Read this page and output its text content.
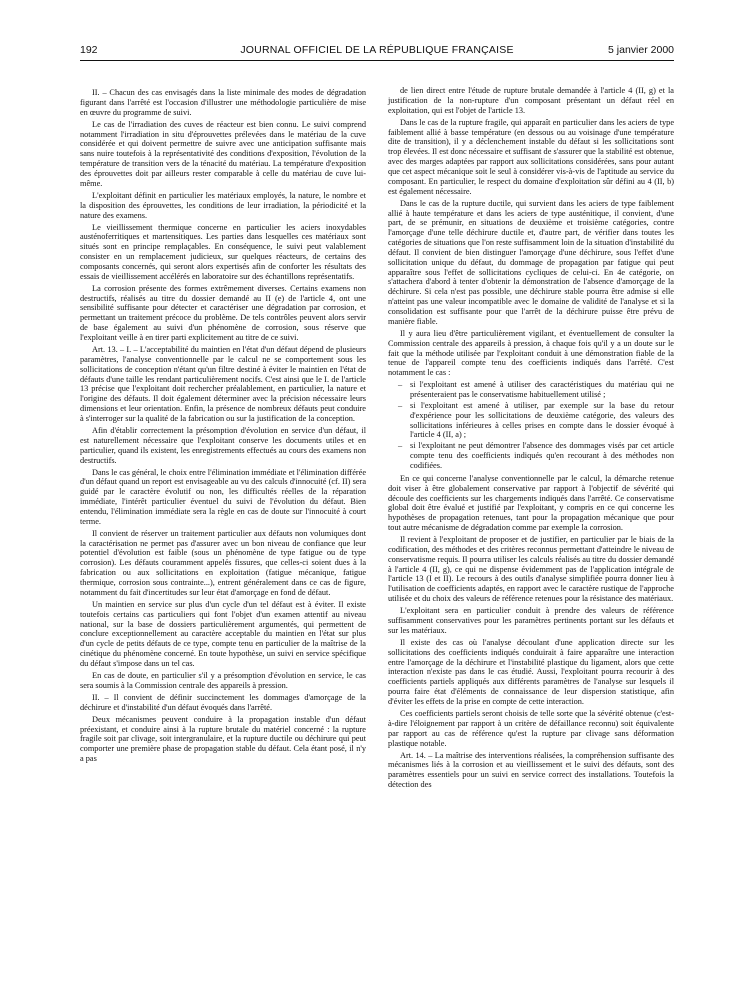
192	JOURNAL OFFICIEL DE LA RÉPUBLIQUE FRANÇAISE	5 janvier 2000

II. – Chacun des cas envisagés dans la liste minimale des modes de dégradation figurant dans l'arrêté est l'occasion d'illustrer une méthodologie particulière de mise en œuvre du programme de suivi.

Le cas de l'irradiation des cuves de réacteur est bien connu. Le suivi comprend notamment l'irradiation in situ d'éprouvettes prélevées dans le matériau de la cuve considérée et qui doivent permettre de suivre avec une anticipation suffisante mais sans nuire toutefois à la représentativité des conditions d'exposition, l'évolution de la température de transition vers de la ténacité du matériau. La température d'exposition des éprouvettes doit par ailleurs rester comparable à celle du matériau de cuve lui-même.

L'exploitant définit en particulier les matériaux employés, la nature, le nombre et la disposition des éprouvettes, les conditions de leur irradiation, la périodicité et la nature des examens.

Le vieillissement thermique concerne en particulier les aciers inoxydables austénoferritiques et martensitiques. Les parties dans lesquelles ces matériaux sont situés sont en principe remplaçables. En conséquence, le suivi peut valablement consister en un remplacement judicieux, sur quelques réacteurs, de certains des composants concernés, qui seront alors expertisés afin de conforter les résultats des essais de vieillissement accélérés en laboratoire sur des échantillons représentatifs.

La corrosion présente des formes extrêmement diverses. Certains examens non destructifs, réalisés au titre du dossier demandé au II (e) de l'article 4, ont une sensibilité suffisante pour détecter et caractériser une dégradation par corrosion, et permettant un traitement précoce du problème. De tels contrôles peuvent alors servir de base également au suivi d'un phénomène de corrosion, sous réserve que l'exploitant veille à en tirer parti explicitement au titre de ce suivi.

Art. 13. – I. – L'acceptabilité du maintien en l'état d'un défaut dépend de plusieurs paramètres, l'analyse conventionnelle par le calcul ne se comportement sous les sollicitations de conception n'étant qu'un filtre destiné à éviter le maintien en l'état de défauts d'une taille les rendant particulièrement nocifs. C'est ainsi que le I. de l'article 13 précise que l'exploitant doit rechercher préalablement, en particulier, la nature et l'origine des défauts. Il doit également déterminer avec la précision nécessaire leurs dimensions et leur orientation. Enfin, la présence de nombreux défauts peut conduire à s'interroger sur la qualité de la fabrication ou sur la justification de la conception.

Afin d'établir correctement la présomption d'évolution en service d'un défaut, il est naturellement nécessaire que l'exploitant conserve les documents utiles et en particulier, quand ils existent, les enregistrements effectués au cours des examens non destructifs.

Dans le cas général, le choix entre l'élimination immédiate et l'élimination différée d'un défaut quand un report est envisageable au vu des calculs d'innocuité (cf. II) sera guidé par le caractère évolutif ou non, les difficultés réelles de la réparation immédiate, l'intérêt particulier éventuel du suivi de l'évolution du défaut. Bien entendu, l'élimination immédiate sera la règle en cas de doute sur l'innocuité à court terme.

Il convient de réserver un traitement particulier aux défauts non volumiques dont la caractérisation ne permet pas d'assurer avec un bon niveau de confiance que leur potentiel d'évolution est faible (sous un phénomène de type fatigue ou de type corrosion). Les défauts couramment appelés fissures, que celles-ci soient dues à la fabrication ou aux sollicitations en exploitation (fatigue mécanique, fatigue thermique, corrosion sous contrainte...), entrent généralement dans ce cas de figure, notamment du fait d'incertitudes sur leur état d'amorçage en fond de défaut.

Un maintien en service sur plus d'un cycle d'un tel défaut est à éviter. Il existe toutefois certains cas particuliers qui font l'objet d'un examen attentif au niveau national, sur la base de dossiers particulièrement argumentés, qui permettent de conclure exceptionnellement au caractère acceptable du maintien en l'état sur plus d'un cycle de petits défauts de ce type, compte tenu en particulier de la maîtrise de la cinétique du phénomène concerné. En toute hypothèse, un suivi en service spécifique du défaut s'impose dans un tel cas.

En cas de doute, en particulier s'il y a présomption d'évolution en service, le cas sera soumis à la Commission centrale des appareils à pression.

II. – Il convient de définir succinctement les dommages d'amorçage de la déchirure et d'instabilité d'un défaut évoqués dans l'arrêté.

Deux mécanismes peuvent conduire à la propagation instable d'un défaut préexistant, et conduire ainsi à la rupture brutale du matériel concerné : la rupture fragile soit par clivage, soit intergranulaire, et la rupture ductile ou déchirure qui peut comporter une première phase de propagation stable du défaut. Cela étant posé, il n'y a pas

de lien direct entre l'étude de rupture brutale demandée à l'article 4 (II, g) et la justification de la non-rupture d'un composant présentant un défaut réel en exploitation, qui est l'objet de l'article 13.

Dans le cas de la rupture fragile, qui apparaît en particulier dans les aciers de type faiblement allié à basse température (en dessous ou au voisinage d'une température dite de transition), il y a déclenchement instable du défaut si les sollicitations sont trop élevées. Il est donc nécessaire et suffisant de s'assurer que la stabilité est obtenue, avec des marges adaptées par rapport aux sollicitations considérées, sans pour autant que cet aspect mécanique soit le seul à considérer vis-à-vis de l'aptitude au service du composant. En particulier, le respect du domaine d'exploitation sûr défini au 4 (II, b) est également nécessaire.

Dans le cas de la rupture ductile, qui survient dans les aciers de type faiblement allié à haute température et dans les aciers de type austénitique, il convient, d'une part, de se prémunir, en situations de deuxième et troisième catégories, contre l'amorçage d'une telle déchirure ductile et, d'autre part, de vérifier dans toutes les catégories de situations que l'on reste suffisamment loin de la situation d'instabilité du défaut. Il convient de bien distinguer l'amorçage d'une déchirure, sous l'effet d'une sollicitation unique du défaut, du dommage de propagation par fatigue qui peut apparaître sous l'effet de sollicitations cycliques de celui-ci. En 4e catégorie, on s'attachera d'abord à tenter d'obtenir la démonstration de l'absence d'amorçage de la déchirure. Si cela n'est pas possible, une déchirure stable pourra être admise si elle n'atteint pas une valeur incompatible avec le domaine de validité de l'analyse et si la consolidation est suffisante pour que l'arrêt de la déchirure puisse être prévu de manière fiable.

Il y aura lieu d'être particulièrement vigilant, et éventuellement de consulter la Commission centrale des appareils à pression, à chaque fois qu'il y a un doute sur le fait que la méthode utilisée par l'exploitant conduit à une démonstration fiable de la tenue de l'appareil compte tenu des coefficients indiqués dans l'arrêté. C'est notamment le cas :

– si l'exploitant est amené à utiliser des caractéristiques du matériau qui ne présenteraient pas le conservatisme habituellement utilisé ;
– si l'exploitant est amené à utiliser, par exemple sur la base du retour d'expérience pour les sollicitations de deuxième catégorie, des valeurs des sollicitations inférieures à celles prises en compte dans le dossier évoqué à l'article 4 (II, a) ;
– si l'exploitant ne peut démontrer l'absence des dommages visés par cet article compte tenu des coefficients indiqués qu'en recourant à des méthodes non codifiées.

En ce qui concerne l'analyse conventionnelle par le calcul, la démarche retenue doit viser à être globalement conservative par rapport à l'objectif de sévérité qui découle des coefficients sur les chargements indiqués dans l'arrêté. Ce conservatisme global doit être évalué et justifié par l'exploitant, y compris en ce qui concerne les hypothèses de propagation retenues, tant pour la propagation mécanique que pour tout autre mécanisme de dégradation comme par exemple la corrosion.

Il revient à l'exploitant de proposer et de justifier, en particulier par le biais de la codification, des méthodes et des critères reconnus permettant d'atteindre le niveau de conservatisme requis. Il pourra utiliser les calculs réalisés au titre du dossier demandé à l'article 4 (II, g), ce qui ne dispense évidemment pas de l'application intégrale de l'article 13 (I et II). Le recours à des outils d'analyse simplifiée pourra donner lieu à l'utilisation de coefficients adaptés, en rapport avec le caractère rustique de l'approche utilisée et du choix des valeurs de référence retenues pour la résistance des matériaux.

L'exploitant sera en particulier conduit à prendre des valeurs de référence suffisamment conservatives pour les paramètres pertinents portant sur les défauts et sur les matériaux.

Il existe des cas où l'analyse découlant d'une application directe sur les sollicitations des coefficients indiqués conduirait à faire apparaître une interaction entre l'amorçage de la déchirure et l'instabilité plastique du ligament, alors que cette interaction n'existe pas dans le cas étudié. Aussi, l'exploitant pourra recourir à des coefficients partiels appliqués aux différents paramètres de l'analyse sur lesquels il pourra faire état d'éléments de connaissance de leur dispersion statistique, afin d'éviter les effets de la prise en compte de cette interaction.

Ces coefficients partiels seront choisis de telle sorte que la sévérité obtenue (c'est-à-dire l'éloignement par rapport à un critère de défaillance reconnu) soit équivalente par rapport au cas de référence qu'est la rupture par clivage sans déformation plastique notable.

Art. 14. – La maîtrise des interventions réalisées, la compréhension suffisante des mécanismes liés à la corrosion et au vieillissement et le suivi des défauts, sont des paramètres essentiels pour un suivi en service correct des installations. Toutefois la détection des
